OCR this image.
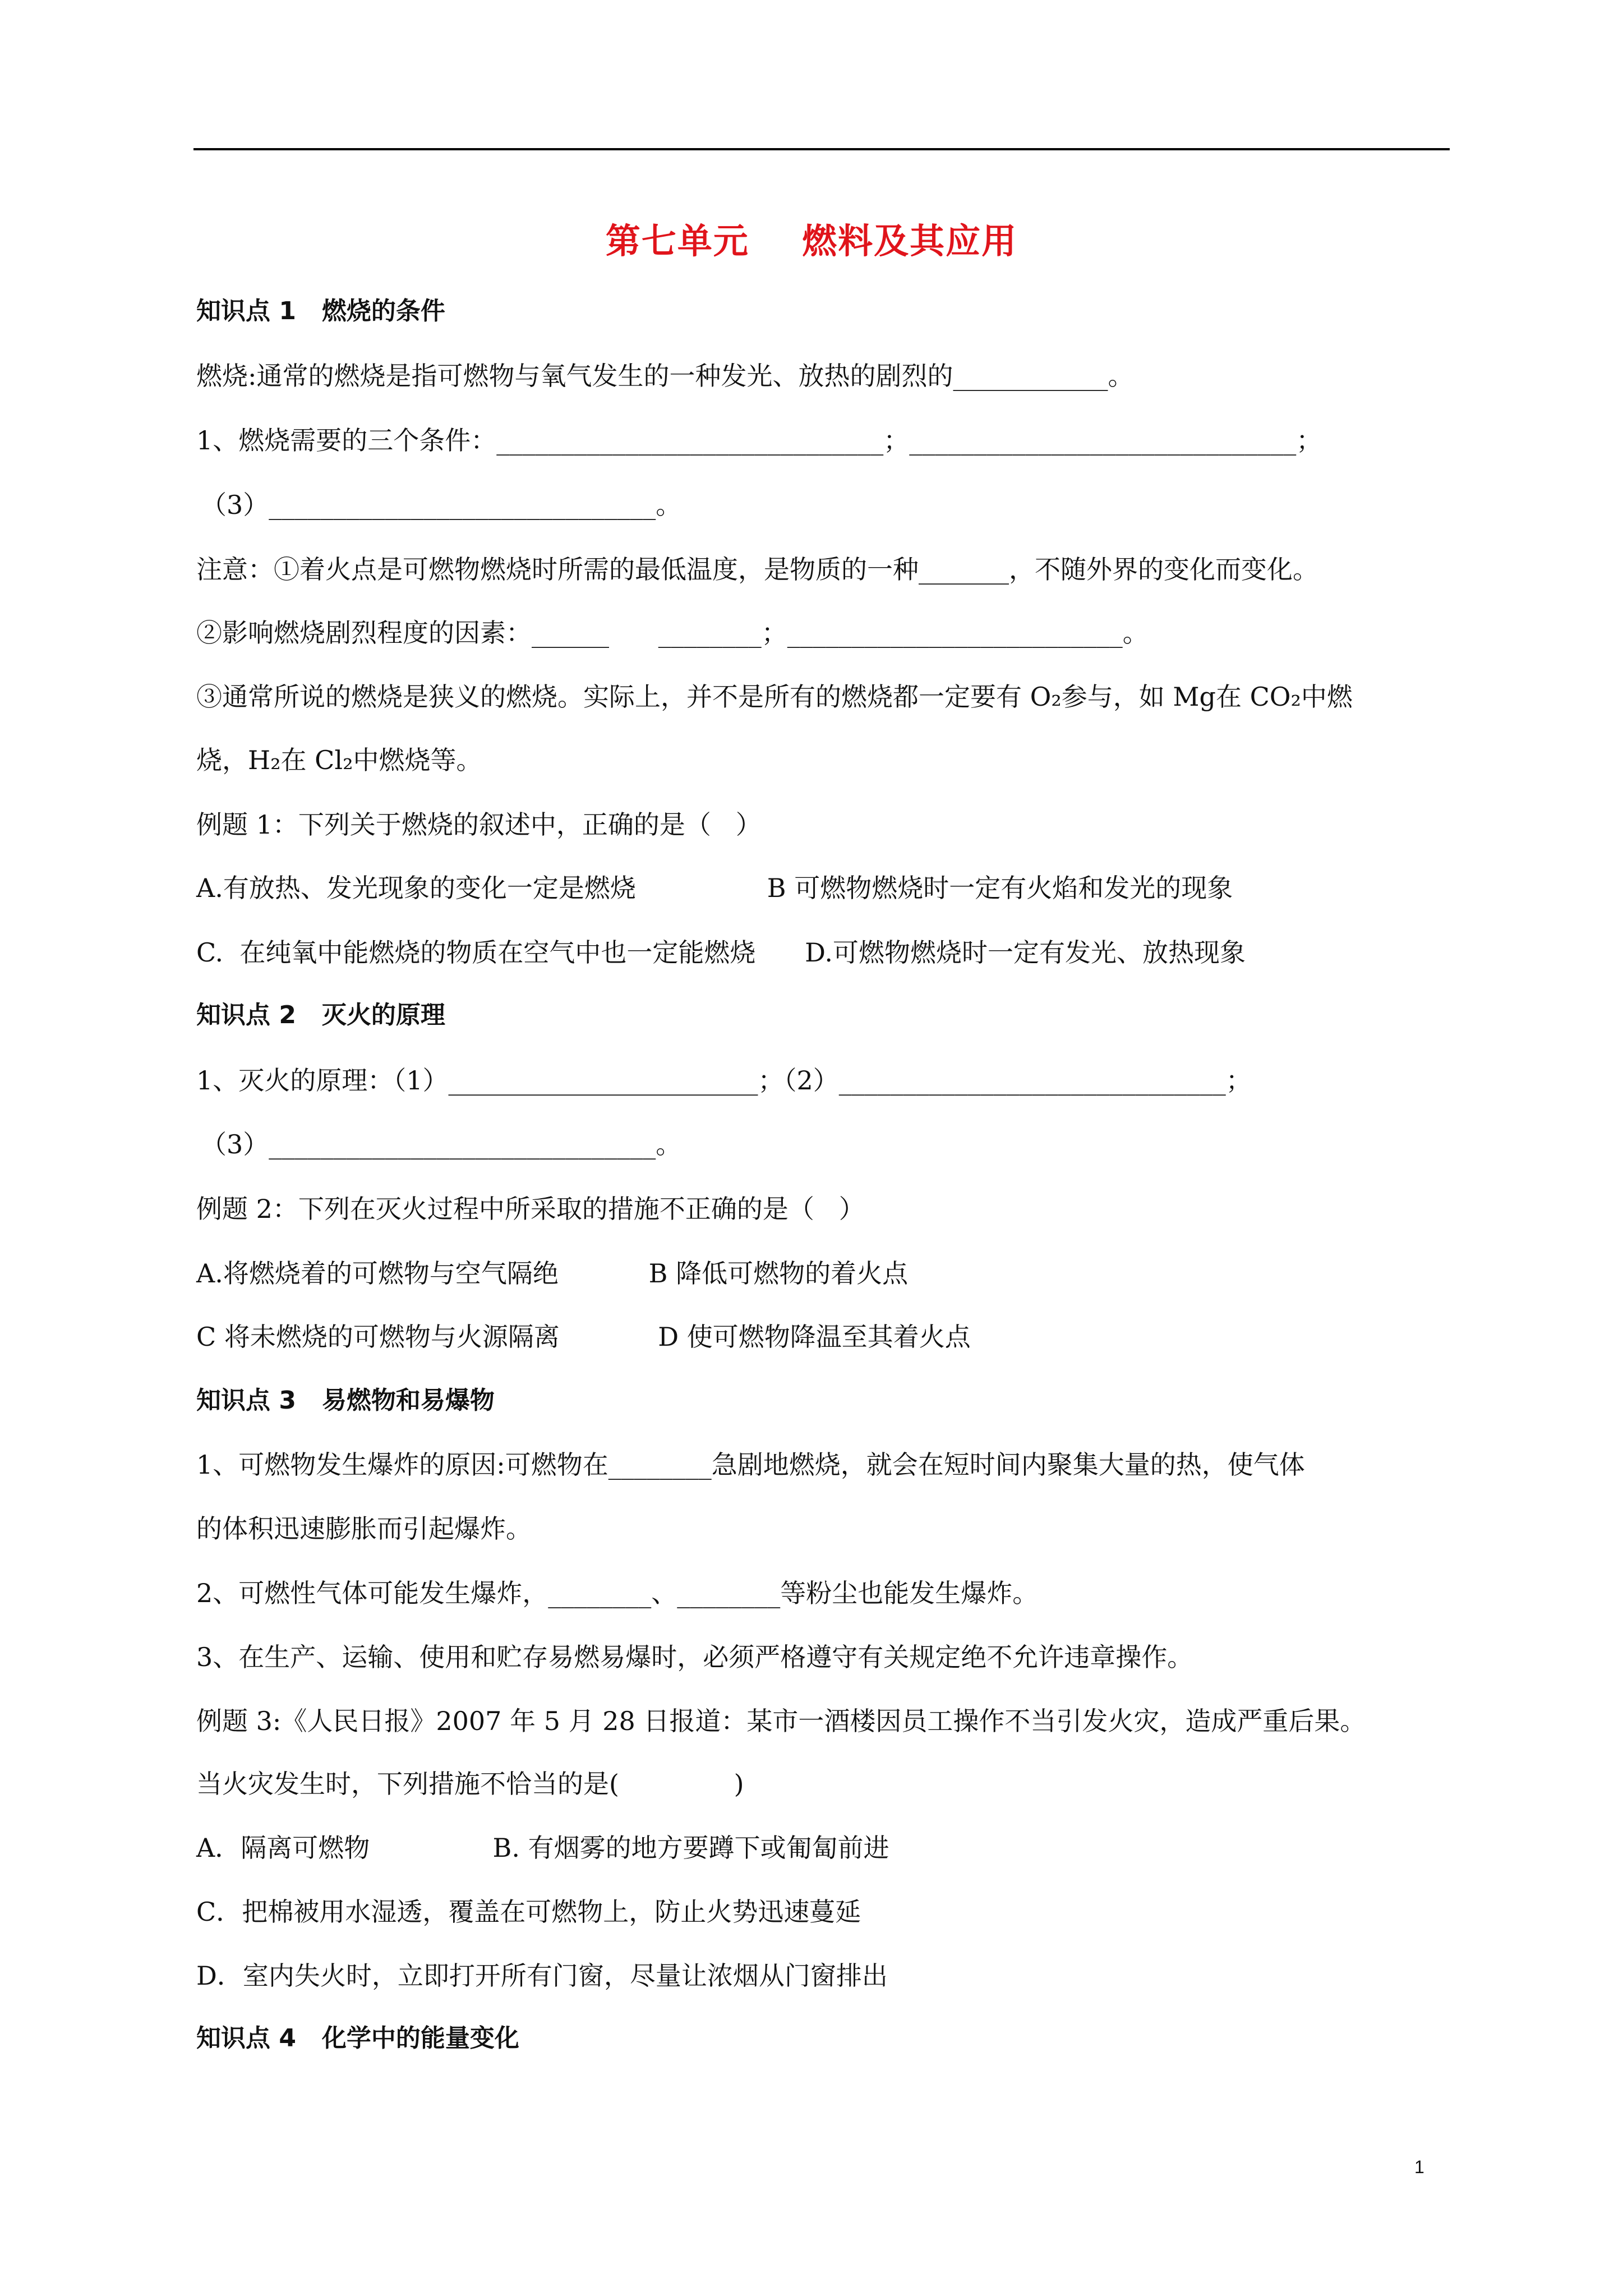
第七单元    燃料及其应用
知识点 1   燃烧的条件
燃烧:通常的燃烧是指可燃物与氧气发生的一种发光、放热的剧烈的____________。
1、燃烧需要的三个条件：______________________________；______________________________；
（3）______________________________。
注意：①着火点是可燃物燃烧时所需的最低温度，是物质的一种_______，不随外界的变化而变化。
②影响燃烧剧烈程度的因素：______      ________；__________________________。
③通常所说的燃烧是狭义的燃烧。实际上，并不是所有的燃烧都一定要有 O₂参与，如 Mg在 CO₂中燃
烧，H₂在 Cl₂中燃烧等。
例题 1：下列关于燃烧的叙述中，正确的是（   ）
A.有放热、发光现象的变化一定是燃烧                B 可燃物燃烧时一定有火焰和发光的现象
C.  在纯氧中能燃烧的物质在空气中也一定能燃烧      D.可燃物燃烧时一定有发光、放热现象
知识点 2   灭火的原理
1、灭火的原理：（1）________________________；（2）______________________________；
（3）______________________________。
例题 2：下列在灭火过程中所采取的措施不正确的是（   ）
A.将燃烧着的可燃物与空气隔绝           B 降低可燃物的着火点
C 将未燃烧的可燃物与火源隔离            D 使可燃物降温至其着火点
知识点 3   易燃物和易爆物
1、可燃物发生爆炸的原因:可燃物在________急剧地燃烧，就会在短时间内聚集大量的热，使气体
的体积迅速膨胀而引起爆炸。
2、可燃性气体可能发生爆炸，________、________等粉尘也能发生爆炸。
3、在生产、运输、使用和贮存易燃易爆时，必须严格遵守有关规定绝不允许违章操作。
例题 3:《人民日报》2007 年 5 月 28 日报道：某市一酒楼因员工操作不当引发火灾，造成严重后果。
当火灾发生时，下列措施不恰当的是(              )
A．隔离可燃物               B. 有烟雾的地方要蹲下或匍匐前进
C．把棉被用水湿透，覆盖在可燃物上，防止火势迅速蔓延
D．室内失火时，立即打开所有门窗，尽量让浓烟从门窗排出
知识点 4   化学中的能量变化
1
